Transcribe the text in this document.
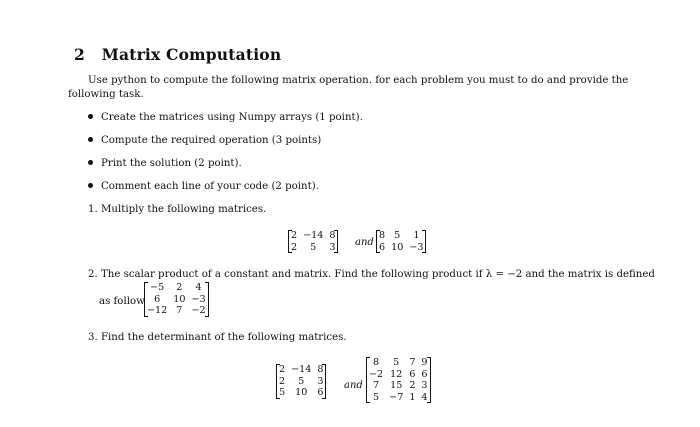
2 Matrix Computation
Use python to compute the following matrix operation. for each problem you must to do and provide the
following task.
Create the matrices using Numpy arrays (1 point).
Compute the required operation (3 points)
Print the solution (2 point).
Comment each line of your code (2 point).
1. Multiply the following matrices.
2	−14	8
2	5	3 and
8	5	1
6	10	−3
2. The scalar product of a constant and matrix. Find the following product if λ = −2 and the matrix is defined
as follow
−5	2	4
6	10	−3
−12	7	−2
3. Find the determinant of the following matrices.
2	−14	8
2	5	3
5	10	6
and
8	5	7	9
−2	12	6	6
7	15	2	3
5	−7	1	4
